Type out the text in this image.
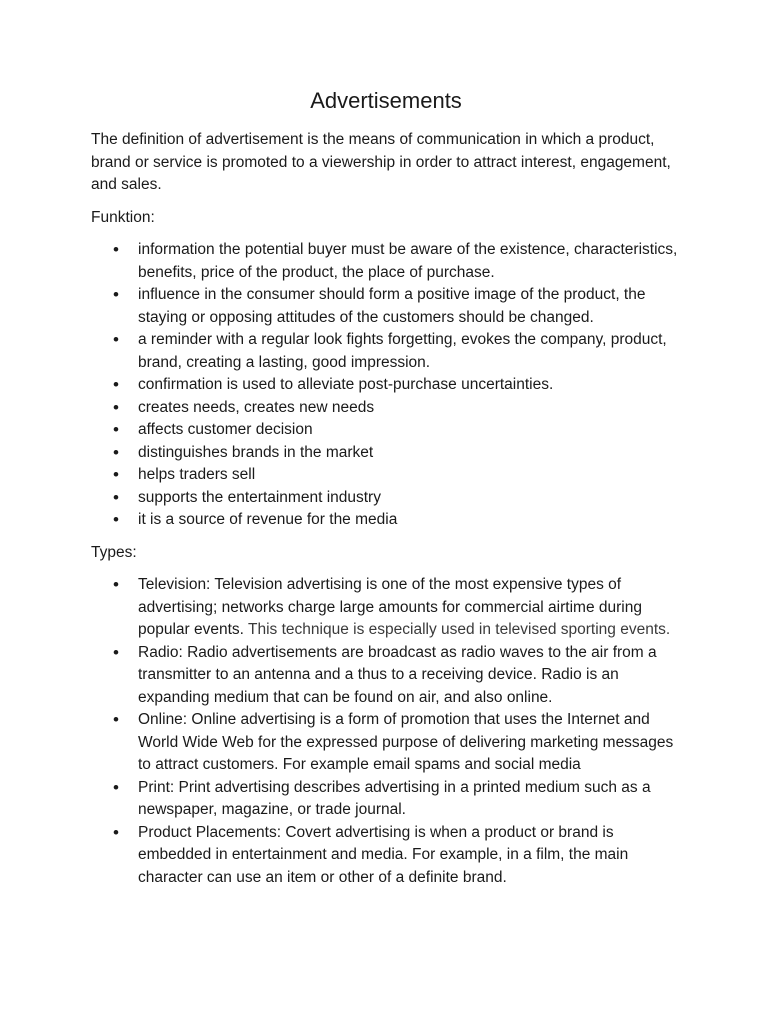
Advertisements

The definition of advertisement is the means of communication in which a product, brand or service is promoted to a viewership in order to attract interest, engagement, and sales.

Funktion:

• information the potential buyer must be aware of the existence, characteristics, benefits, price of the product, the place of purchase.
• influence in the consumer should form a positive image of the product, the staying or opposing attitudes of the customers should be changed.
• a reminder with a regular look fights forgetting, evokes the company, product, brand, creating a lasting, good impression.
• confirmation is used to alleviate post-purchase uncertainties.
• creates needs, creates new needs
• affects customer decision
• distinguishes brands in the market
• helps traders sell
• supports the entertainment industry
• it is a source of revenue for the media

Types:

• Television: Television advertising is one of the most expensive types of advertising; networks charge large amounts for commercial airtime during popular events. This technique is especially used in televised sporting events.
• Radio: Radio advertisements are broadcast as radio waves to the air from a transmitter to an antenna and a thus to a receiving device. Radio is an expanding medium that can be found on air, and also online.
• Online: Online advertising is a form of promotion that uses the Internet and World Wide Web for the expressed purpose of delivering marketing messages to attract customers. For example email spams and social media
• Print: Print advertising describes advertising in a printed medium such as a newspaper, magazine, or trade journal.
• Product Placements: Covert advertising is when a product or brand is embedded in entertainment and media. For example, in a film, the main character can use an item or other of a definite brand.
